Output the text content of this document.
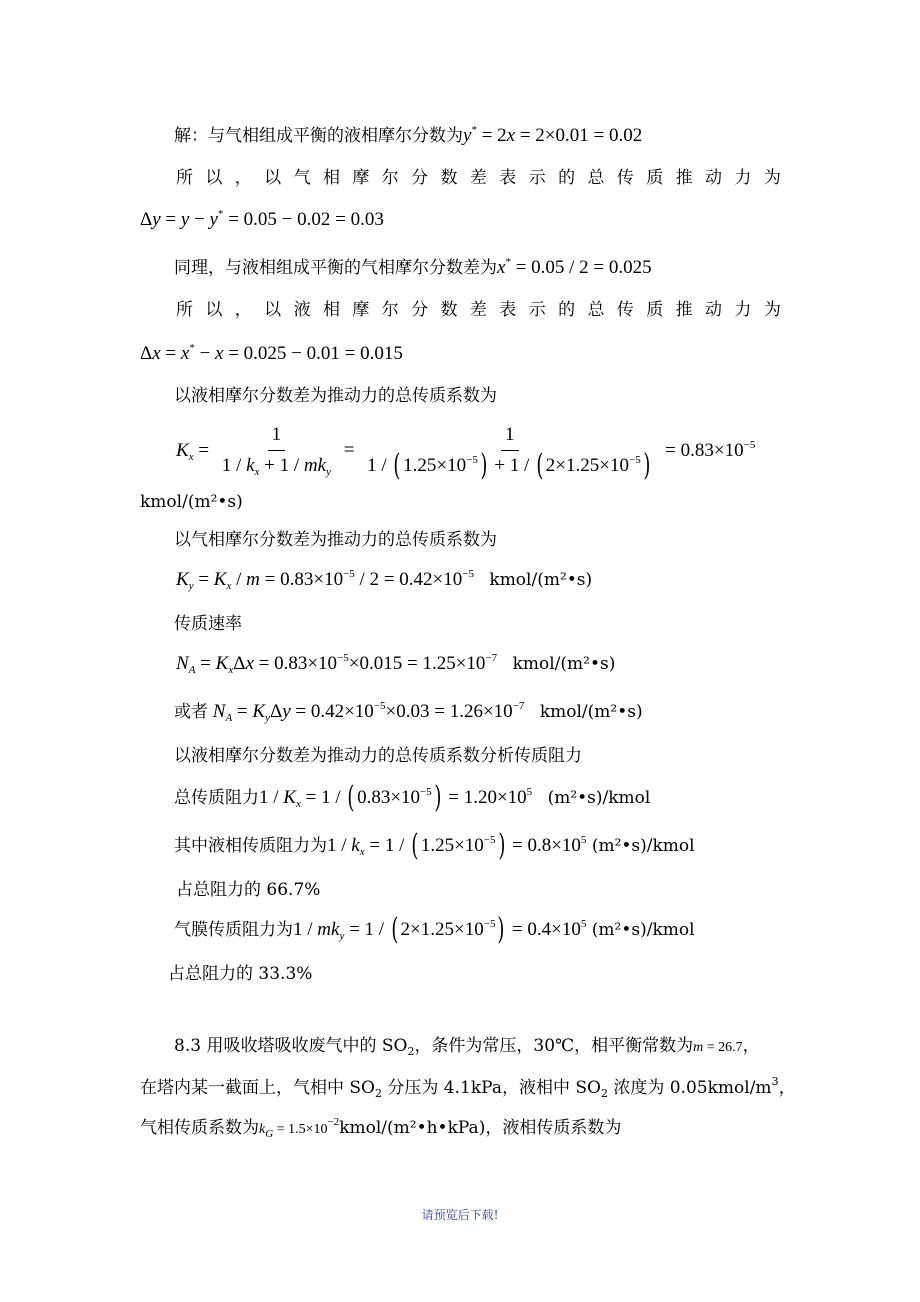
解：与气相组成平衡的液相摩尔分数为y* = 2x = 2×0.01 = 0.02
所 以 ， 以 气 相 摩 尔 分 数 差 表 示 的 总 传 质 推 动 力 为
Δy = y − y* = 0.05 − 0.02 = 0.03
同理，与液相组成平衡的气相摩尔分数差为x* = 0.05 / 2 = 0.025
所 以 ， 以 液 相 摩 尔 分 数 差 表 示 的 总 传 质 推 动 力 为
Δx = x* − x = 0.025 − 0.01 = 0.015
以液相摩尔分数差为推动力的总传质系数为
$K_x = \frac{1}{1 / k_x + 1 / mk_y} = \frac{1}{1 / ( 1.25\times 10^{-5}) + 1 / ( 2\times 1.25\times 10^{-5})} = 0.83\times 10^{-5}$
kmol/(m²•s)
以气相摩尔分数差为推动力的总传质系数为
$K_y = K_x / m = 0.83\times 10^{-5} / 2 = 0.42\times 10^{-5}$ kmol/(m²•s)
传质速率
$N_A = K_x\Delta x = 0.83\times 10^{-5}\times 0.015 = 1.25\times 10^{-7}$ kmol/(m²•s)
或者 $N_A = K_y\Delta y = 0.42\times 10^{-5}\times 0.03 = 1.26\times 10^{-7}$ kmol/(m²•s)
以液相摩尔分数差为推动力的总传质系数分析传质阻力
总传质阻力$1 / K_x = 1$ / ( $0.83\times 10^{-5}) = 1.20\times 10^5$ (m²•s)/kmol
其中液相传质阻力为$1 / k_x = 1$ / ( $1.25\times 10^{-5}) = 0.8\times 10^5$ (m²•s)/kmol
占总阻力的 66.7%
气膜传质阻力为$1 / mk_y = 1$ / ( $2\times 1.25\times 10^{-5}) = 0.4\times 10^5$ (m²•s)/kmol
占总阻力的 33.3%
8.3 用吸收塔吸收废气中的 $SO_2$，条件为常压，30℃，相平衡常数为m = 26.7，
在塔内某一截面上，气相中 $SO_2$ 分压为 4.1kPa，液相中 $SO_2$ 浓度为 $0.05kmol/m^3$，
气相传质系数为$k_G$ = $1.5\times 10^{-2}kmol/(m^2•h•kPa)$，液相传质系数为
请预览后下载!
